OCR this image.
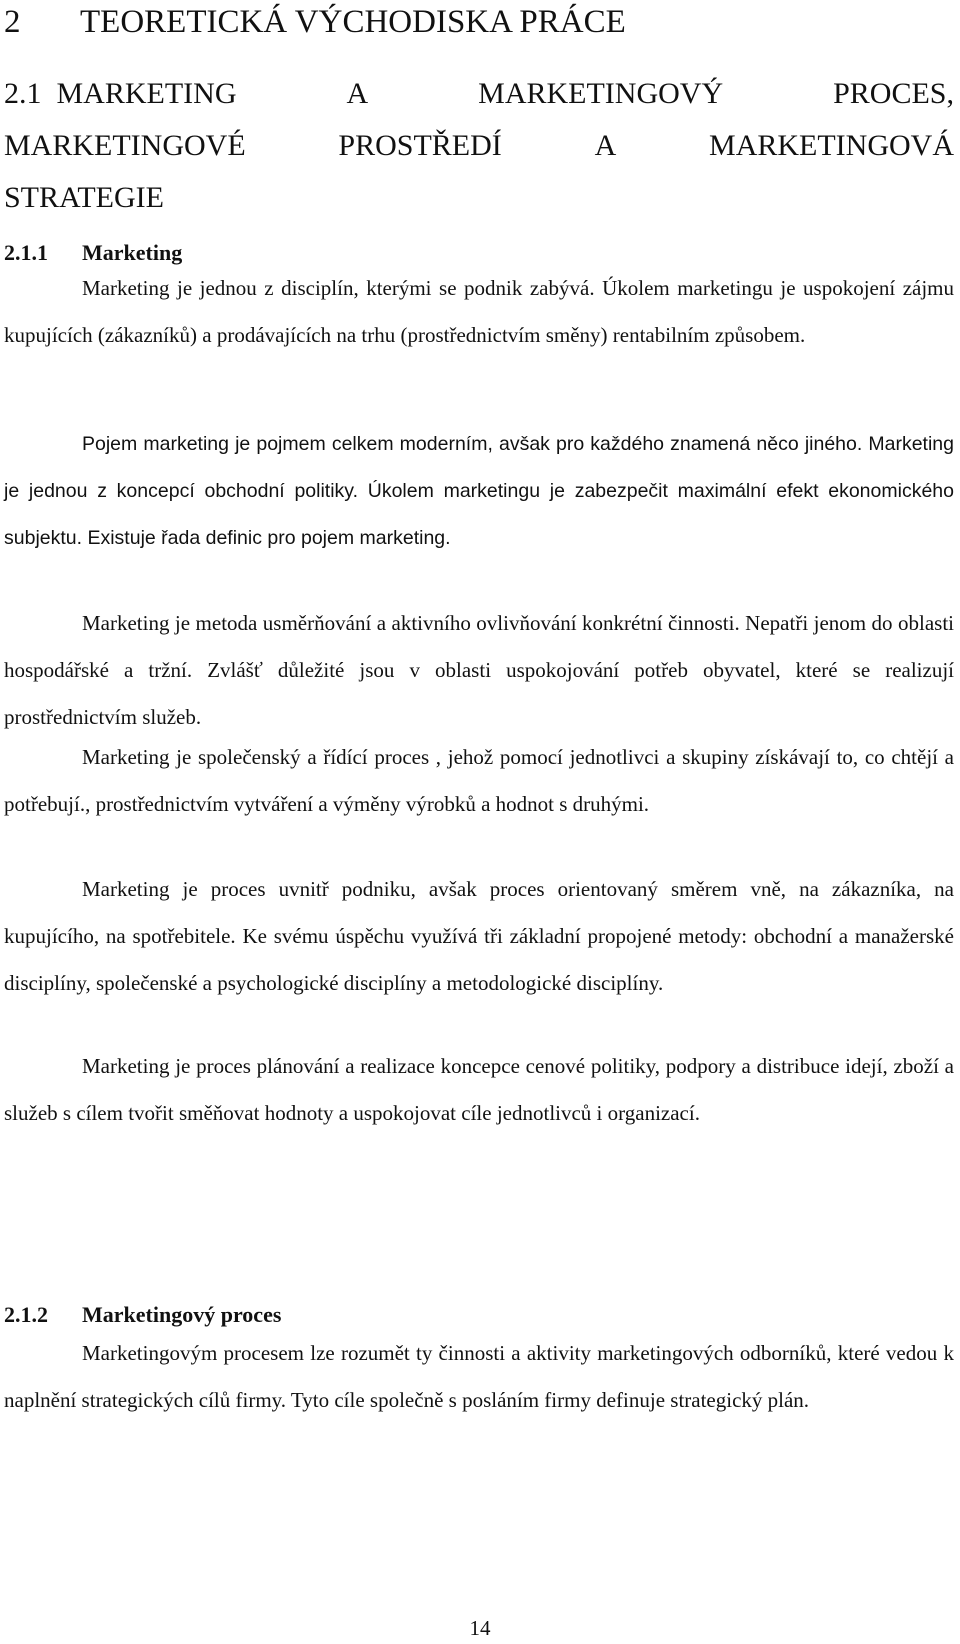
2 TEORETICKÁ VÝCHODISKA PRÁCE
2.1 MARKETING	A	MARKETINGOVÝ	PROCES,
MARKETINGOVÉ	PROSTŘEDÍ	A	MARKETINGOVÁ
STRATEGIE
2.1.1 Marketing

Marketing je jednou z disciplín, kterými se podnik zabývá. Úkolem marketingu je uspokojení zájmu kupujících (zákazníků) a prodávajících na trhu (prostřednictvím směny) rentabilním způsobem.

Pojem marketing je pojmem celkem moderním, avšak pro každého znamená něco jiného. Marketing je jednou z koncepcí obchodní politiky. Úkolem marketingu je zabezpečit maximální efekt ekonomického subjektu. Existuje řada definic pro pojem marketing.

Marketing je metoda usměrňování a aktivního ovlivňování konkrétní činnosti. Nepatři jenom do oblasti hospodářské a tržní. Zvlášť důležité jsou v oblasti uspokojování potřeb obyvatel, které se realizují prostřednictvím služeb.

Marketing je společenský a řídící proces , jehož pomocí jednotlivci a skupiny získávají to, co chtějí a potřebují., prostřednictvím vytváření a výměny výrobků a hodnot s druhými.

Marketing je proces uvnitř podniku, avšak proces orientovaný směrem vně, na zákazníka, na kupujícího, na spotřebitele. Ke svému úspěchu využívá tři základní propojené metody: obchodní a manažerské disciplíny, společenské a psychologické disciplíny a metodologické disciplíny.

Marketing je proces plánování a realizace koncepce cenové politiky, podpory a distribuce idejí, zboží a služeb s cílem tvořit směňovat hodnoty a uspokojovat cíle jednotlivců i organizací.

2.1.2 Marketingový proces

Marketingovým procesem lze rozumět ty činnosti a aktivity marketingových odborníků, které vedou k naplnění strategických cílů firmy. Tyto cíle společně s posláním firmy definuje strategický plán.

14
